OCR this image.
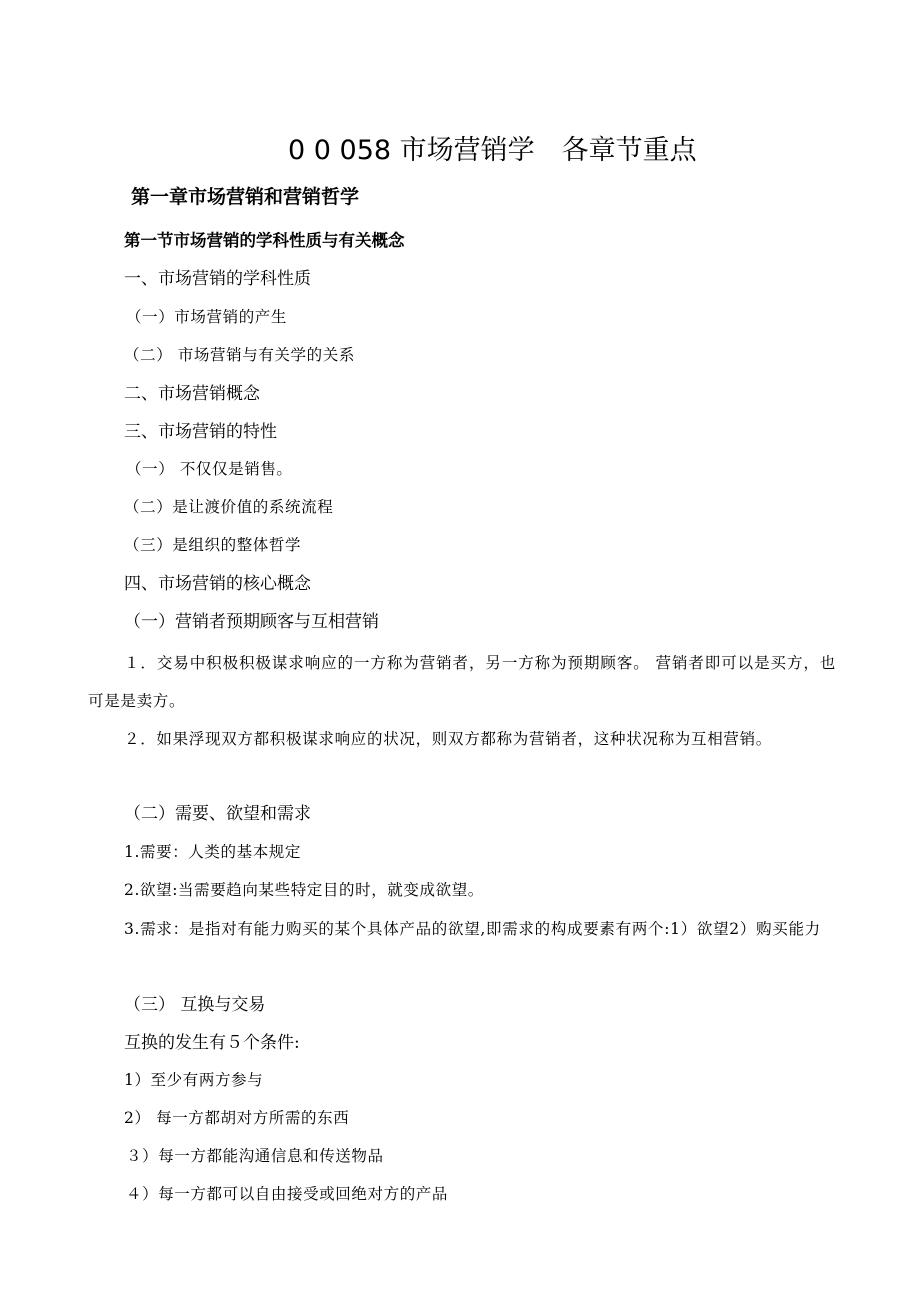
0 0 058 市场营销学　各章节重点
第一章市场营销和营销哲学
第一节市场营销的学科性质与有关概念
一、市场营销的学科性质
（一）市场营销的产生
（二） 市场营销与有关学的关系
二、市场营销概念
三、市场营销的特性
（一） 不仅仅是销售。
（二）是让渡价值的系统流程
（三）是组织的整体哲学
四、市场营销的核心概念
（一）营销者预期顾客与互相营销
１．交易中积极积极谋求响应的一方称为营销者，另一方称为预期顾客。 营销者即可以是买方，也可是是卖方。
２．如果浮现双方都积极谋求响应的状况，则双方都称为营销者，这种状况称为互相营销。
（二）需要、欲望和需求
1.需要：人类的基本规定
2.欲望:当需要趋向某些特定目的时，就变成欲望。
3.需求：是指对有能力购买的某个具体产品的欲望,即需求的构成要素有两个:1）欲望2）购买能力
（三） 互换与交易
互换的发生有５个条件:
1）至少有两方参与
2） 每一方都胡对方所需的东西
３）每一方都能沟通信息和传送物品
４）每一方都可以自由接受或回绝对方的产品
